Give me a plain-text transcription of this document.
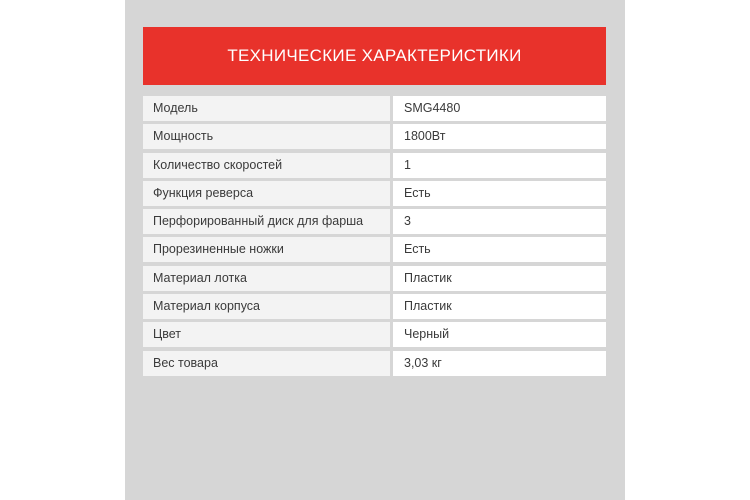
ТЕХНИЧЕСКИЕ ХАРАКТЕРИСТИКИ
Модель	SMG4480
Мощность	1800Вт
Количество скоростей	1
Функция реверса	Есть
Перфорированный диск для фарша	3
Прорезиненные ножки	Есть
Материал лотка	Пластик
Материал корпуса	Пластик
Цвет	Черный
Вес товара	3,03 кг
